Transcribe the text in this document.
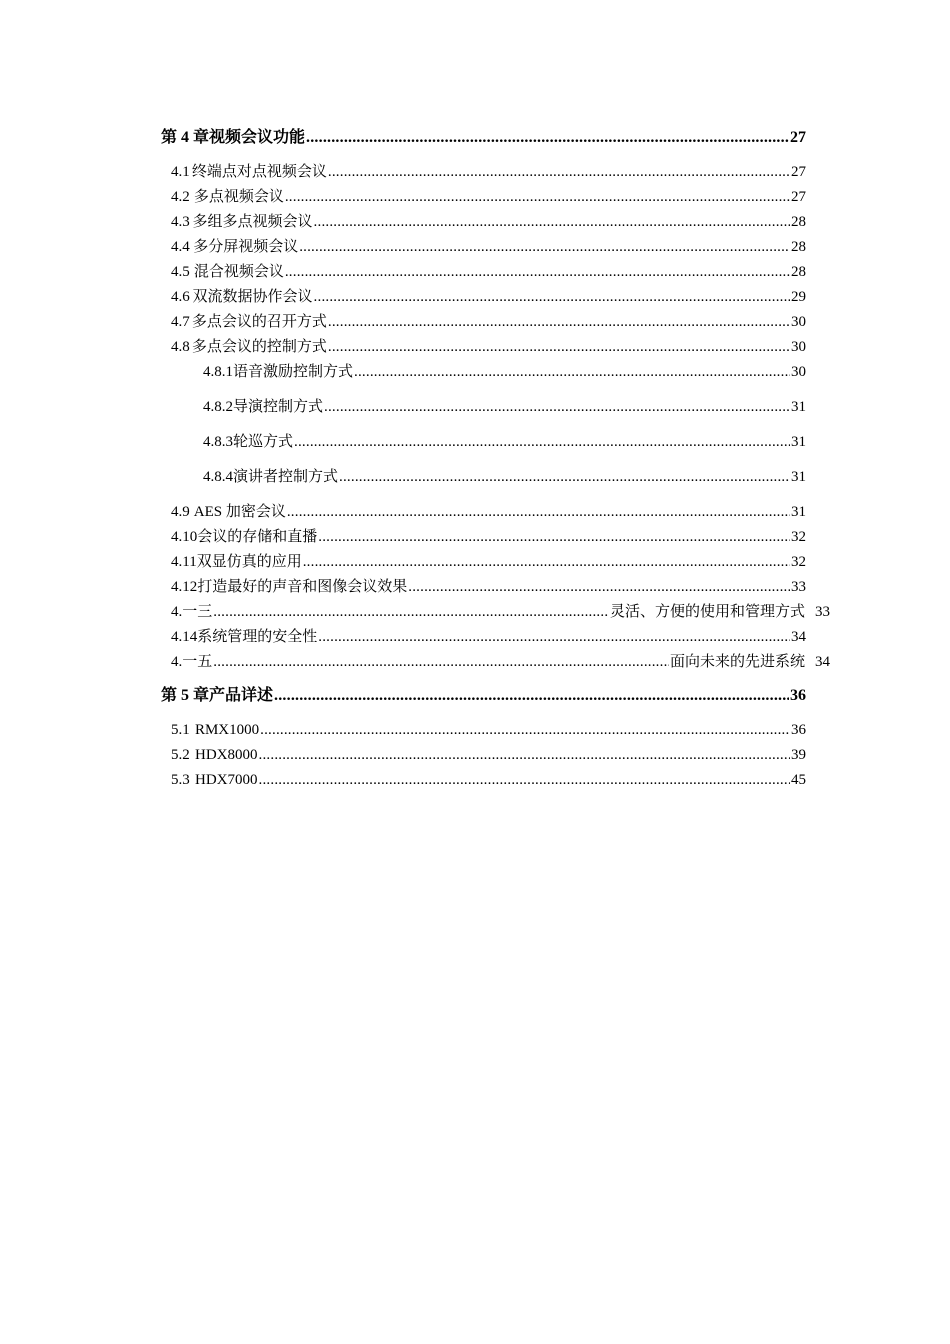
第 4 章 视频会议功能 .....	27
4.1 终端点对点视频会议 .....	27
4.2 多点视频会议 .....	27
4.3 多组多点视频会议 .....	28
4.4 多分屏视频会议 .....	28
4.5 混合视频会议 .....	28
4.6 双流数据协作会议 .....	29
4.7 多点会议的召开方式 .....	30
4.8 多点会议的控制方式 .....	30
4.8.1 语音激励控制方式 .....	30
4.8.2 导演控制方式 .....	31
4.8.3 轮巡方式 .....	31
4.8.4 演讲者控制方式 .....	31
4.9 AES 加密会议 .....	31
4.10 会议的存储和直播 .....	32
4.11 双显仿真的应用 .....	32
4.12 打造最好的声音和图像会议效果 .....	33
4.一三 .....	灵活、方便的使用和管理方式 33
4.14 系统管理的安全性 .....	34
4.一五 .....	面向未来的先进系统 34
第 5 章 产品详述 .....	36
5.1 RMX1000 .....	36
5.2 HDX8000 .....	39
5.3 HDX7000 .....	45
